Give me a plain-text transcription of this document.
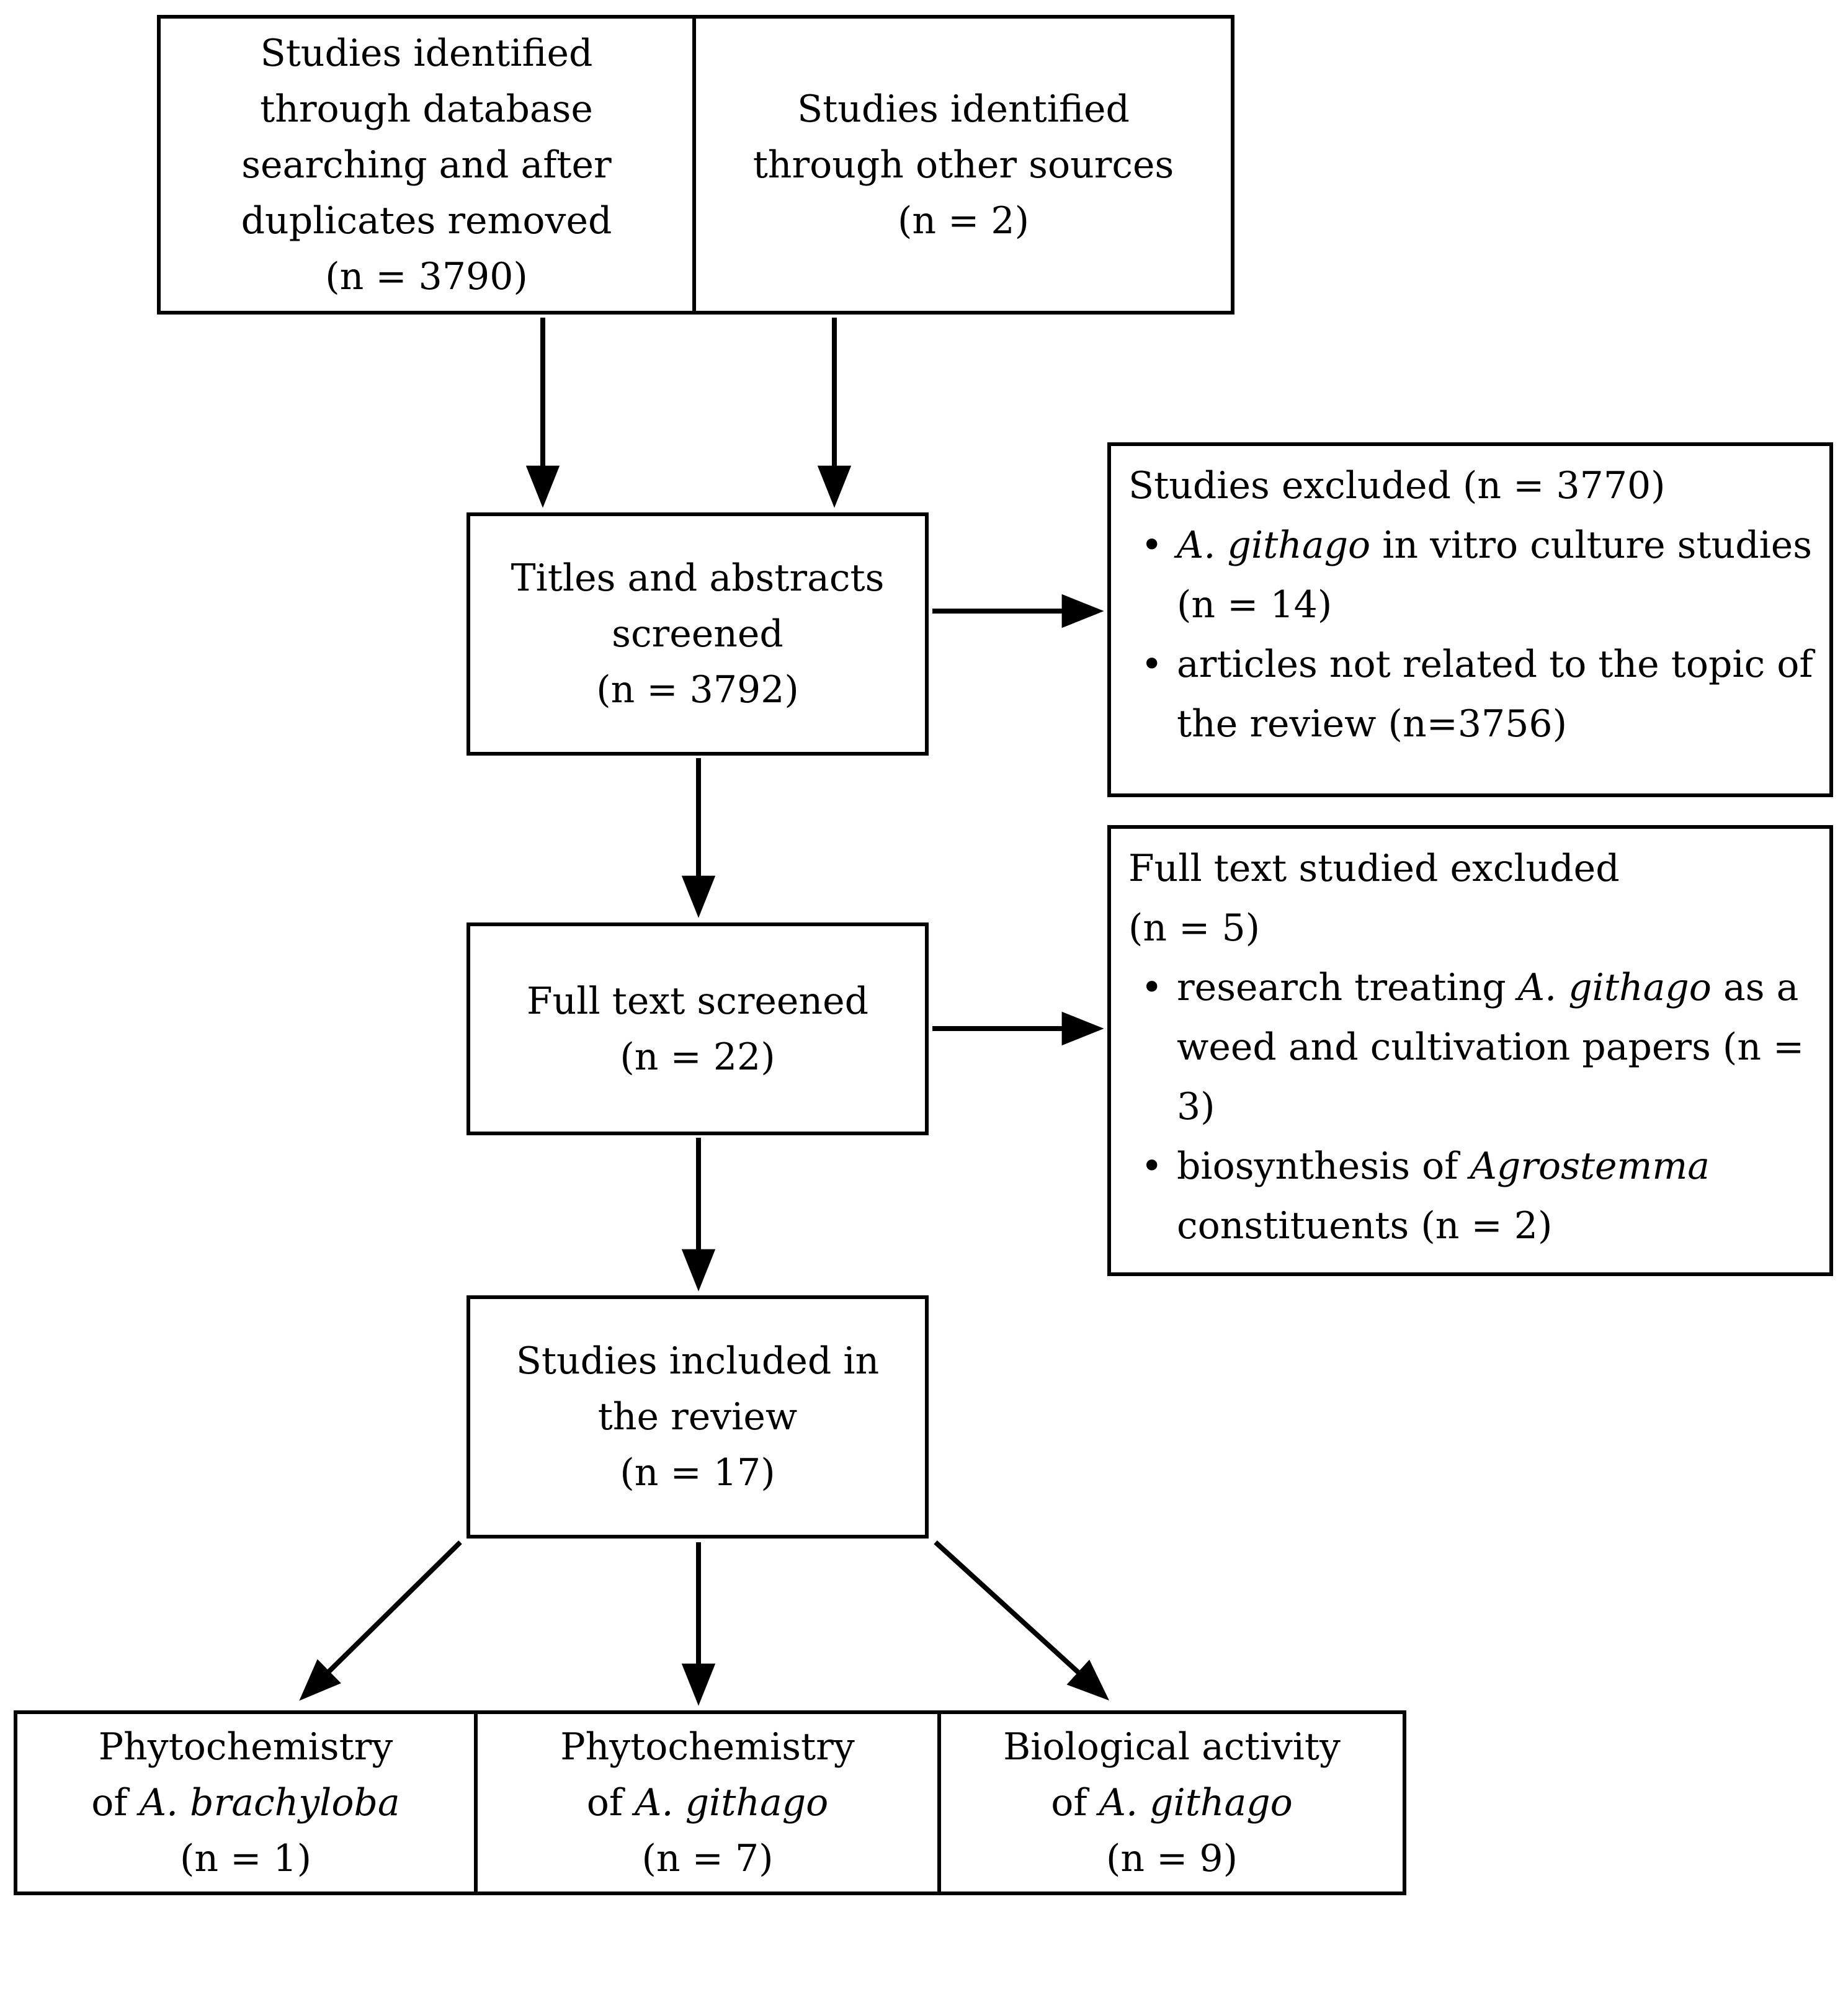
Studies identified
through database
searching and after
duplicates removed
(n = 3790)
Studies identified
through other sources
(n = 2)
Titles and abstracts
screened
(n = 3792)
Studies excluded (n = 3770)
• A. githago in vitro culture studies (n = 14)
• articles not related to the topic of the review (n=3756)
Full text screened
(n = 22)
Full text studied excluded
(n = 5)
• research treating A. githago as a weed and cultivation papers (n = 3)
• biosynthesis of Agrostemma constituents (n = 2)
Studies included in
the review
(n = 17)
Phytochemistry
of A. brachyloba
(n = 1)
Phytochemistry
of A. githago
(n = 7)
Biological activity
of A. githago
(n = 9)
